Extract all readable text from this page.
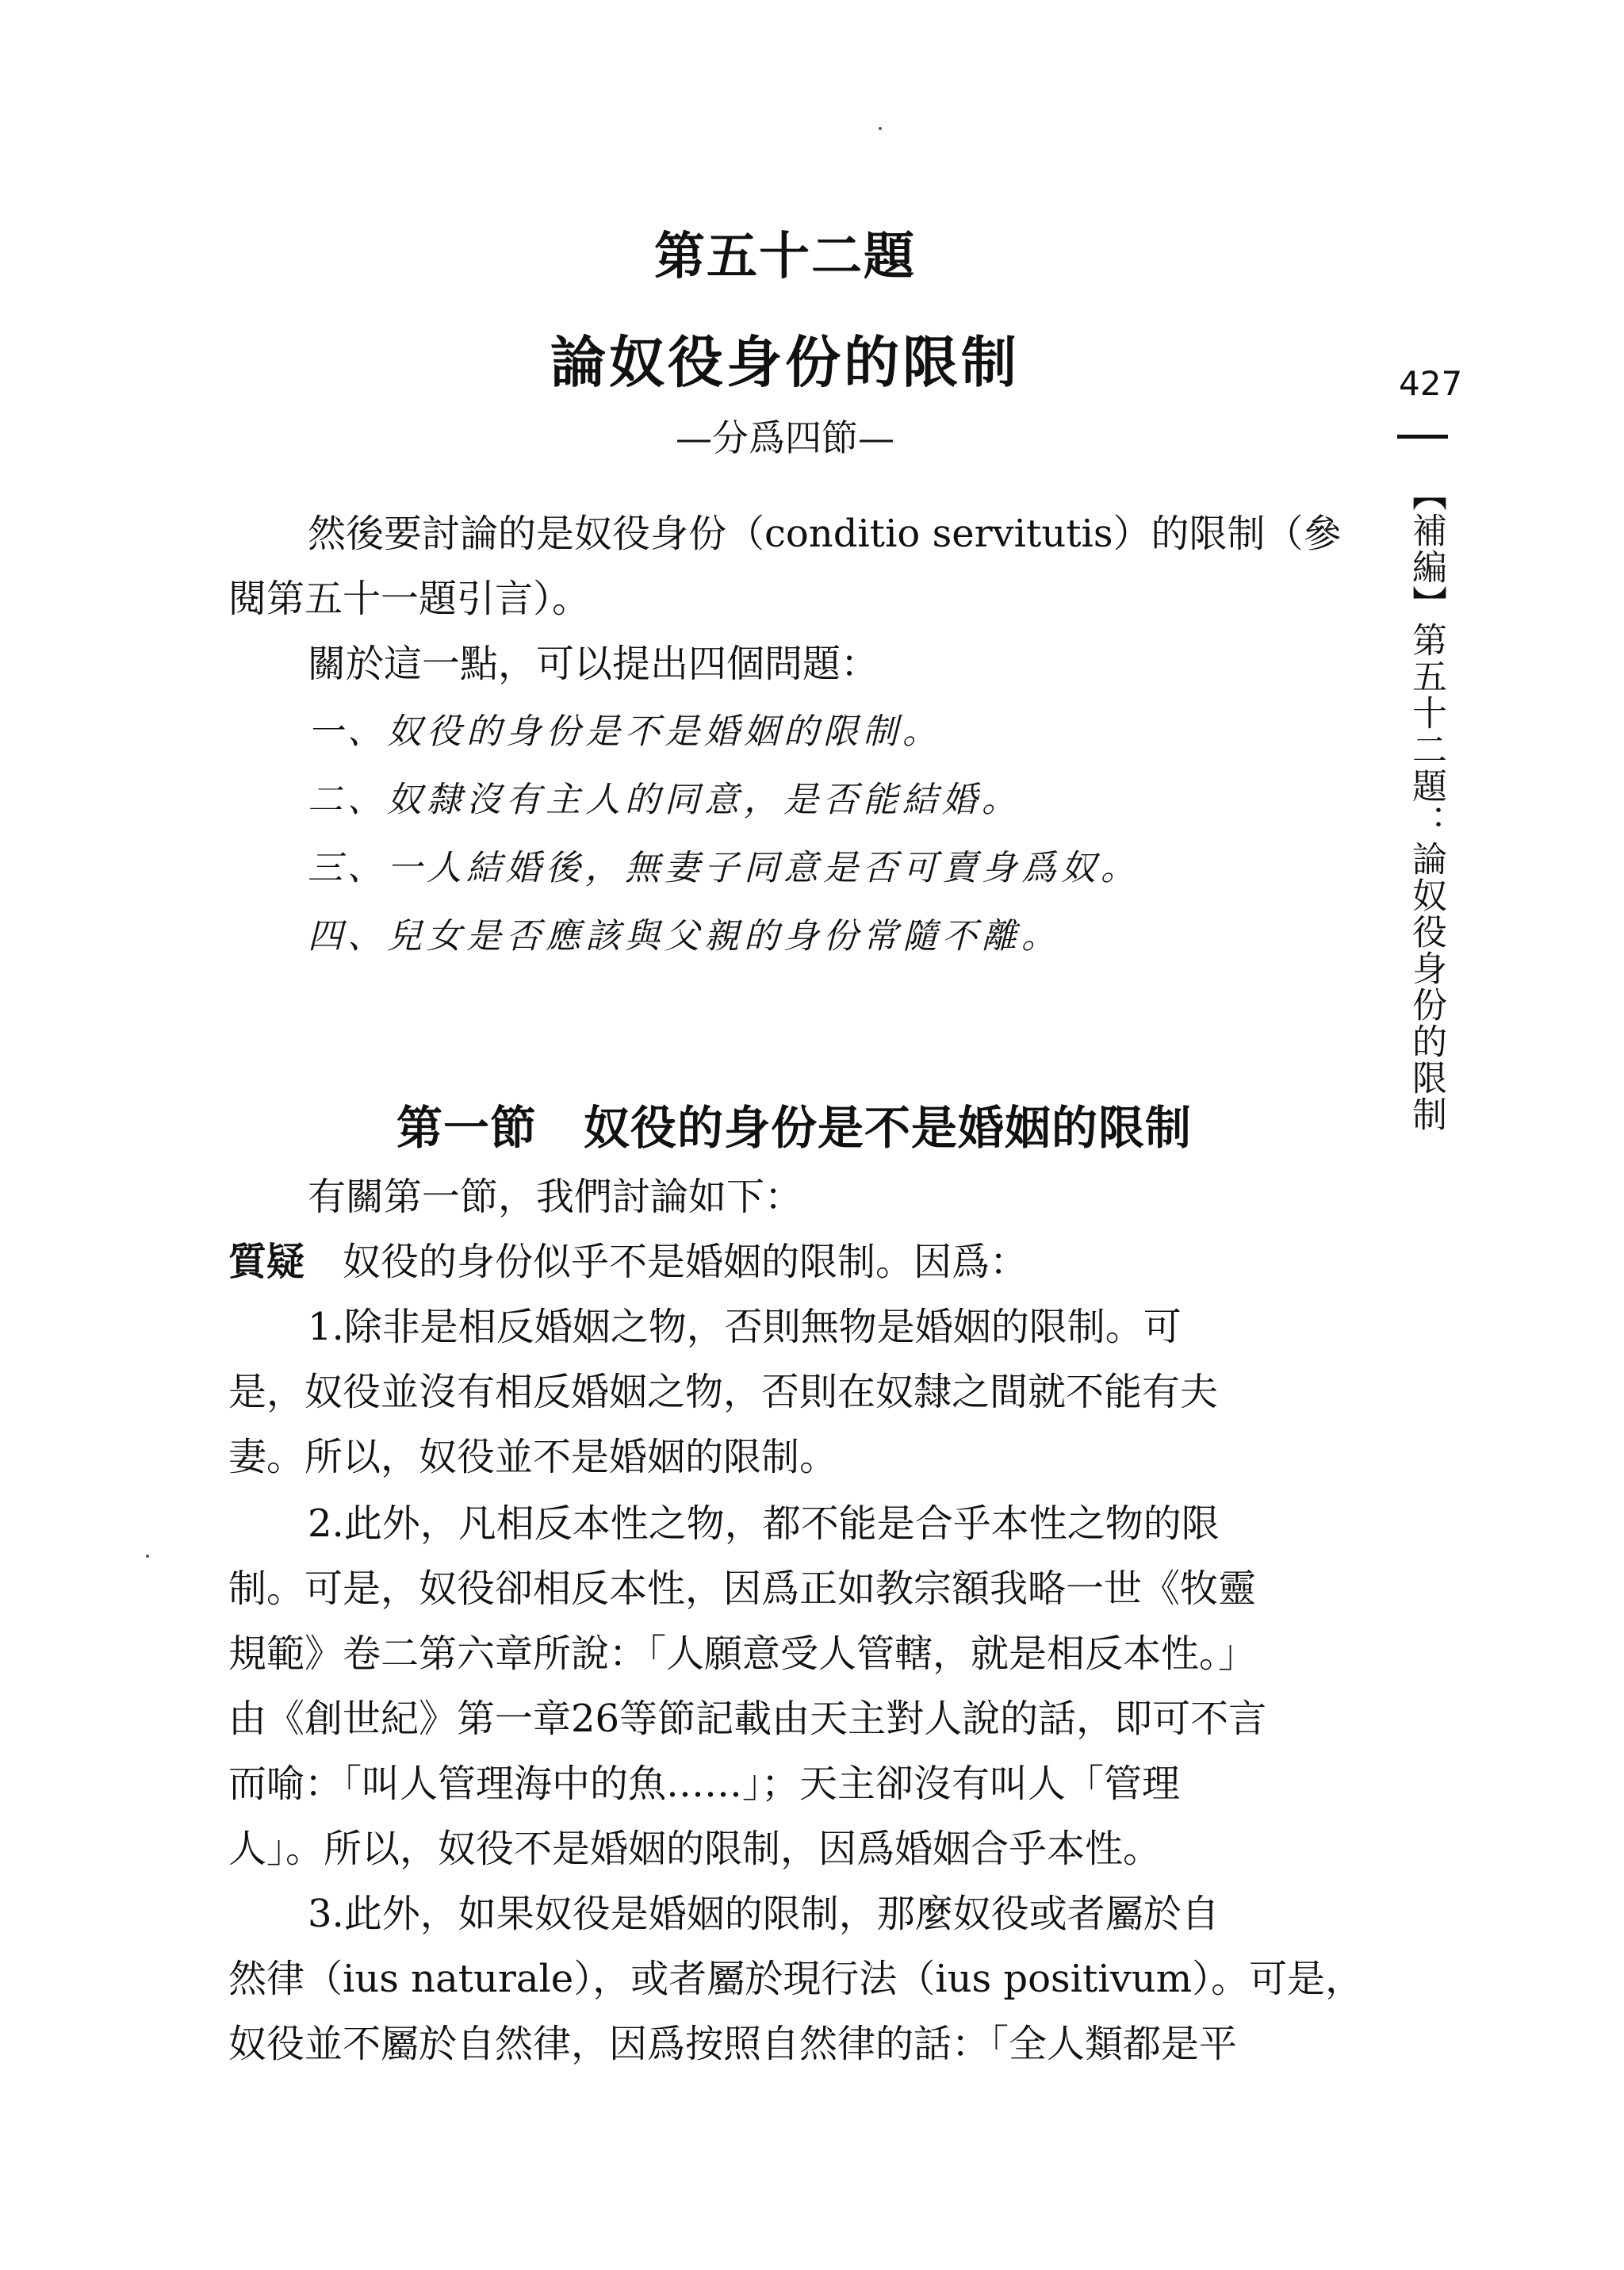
第五十二題
論奴役身份的限制
—分爲四節—
427
【補編】第五十二題：論奴役身份的限制
然後要討論的是奴役身份（conditio servitutis）的限制（參
閱第五十一題引言）。
關於這一點，可以提出四個問題：
一、奴役的身份是不是婚姻的限制。
二、奴隸沒有主人的同意，是否能結婚。
三、一人結婚後，無妻子同意是否可賣身爲奴。
四、兒女是否應該與父親的身份常隨不離。
第一節　奴役的身份是不是婚姻的限制
有關第一節，我們討論如下：
質疑　 奴役的身份似乎不是婚姻的限制。因爲：
1.除非是相反婚姻之物，否則無物是婚姻的限制。可
是，奴役並沒有相反婚姻之物，否則在奴隸之間就不能有夫
妻。所以，奴役並不是婚姻的限制。
2.此外，凡相反本性之物，都不能是合乎本性之物的限
制。可是，奴役卻相反本性，因爲正如教宗額我略一世《牧靈
規範》卷二第六章所說：「人願意受人管轄，就是相反本性。」
由《創世紀》第一章26等節記載由天主對人說的話，即可不言
而喻：「叫人管理海中的魚……」；天主卻沒有叫人「管理
人」。所以，奴役不是婚姻的限制，因爲婚姻合乎本性。
3.此外，如果奴役是婚姻的限制，那麼奴役或者屬於自
然律（ius naturale），或者屬於現行法（ius positivum）。可是，
奴役並不屬於自然律，因爲按照自然律的話：「全人類都是平
